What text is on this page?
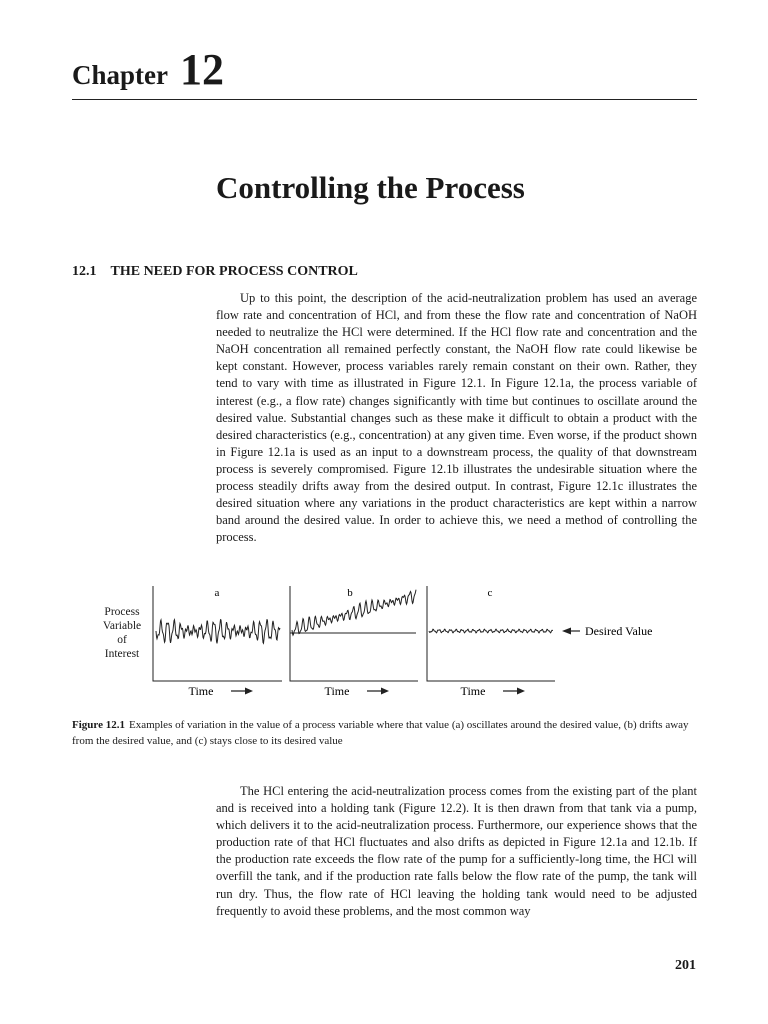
Chapter 12
Controlling the Process
12.1 THE NEED FOR PROCESS CONTROL

Up to this point, the description of the acid-neutralization problem has used an average flow rate and concentration of HCl, and from these the flow rate and concentration of NaOH needed to neutralize the HCl were determined. If the HCl flow rate and concentration and the NaOH concentration all remained perfectly constant, the NaOH flow rate could likewise be kept constant. However, process variables rarely remain constant on their own. Rather, they tend to vary with time as illustrated in Figure 12.1. In Figure 12.1a, the process variable of interest (e.g., a flow rate) changes significantly with time but continues to oscillate around the desired value. Substantial changes such as these make it difficult to obtain a product with the desired characteristics (e.g., concentration) at any given time. Even worse, if the product shown in Figure 12.1a is used as an input to a downstream process, the quality of that downstream process is severely compromised. Figure 12.1b illustrates the undesirable situation where the process steadily drifts away from the desired output. In contrast, Figure 12.1c illustrates the desired situation where any variations in the product characteristics are kept within a narrow band around the desired value. In order to achieve this, we need a method of controlling the process.

Process
Variable
of
Interest
a
Time
b
Time
c
Time
Desired Value

Figure 12.1 Examples of variation in the value of a process variable where that value (a) oscillates around the desired value, (b) drifts away from the desired value, and (c) stays close to its desired value

The HCl entering the acid-neutralization process comes from the existing part of the plant and is received into a holding tank (Figure 12.2). It is then drawn from that tank via a pump, which delivers it to the acid-neutralization process. Furthermore, our experience shows that the production rate of that HCl fluctuates and also drifts as depicted in Figure 12.1a and 12.1b. If the production rate exceeds the flow rate of the pump for a sufficiently-long time, the HCl will overfill the tank, and if the production rate falls below the flow rate of the pump, the tank will run dry. Thus, the flow rate of HCl leaving the holding tank would need to be adjusted frequently to avoid these problems, and the most common way

201
